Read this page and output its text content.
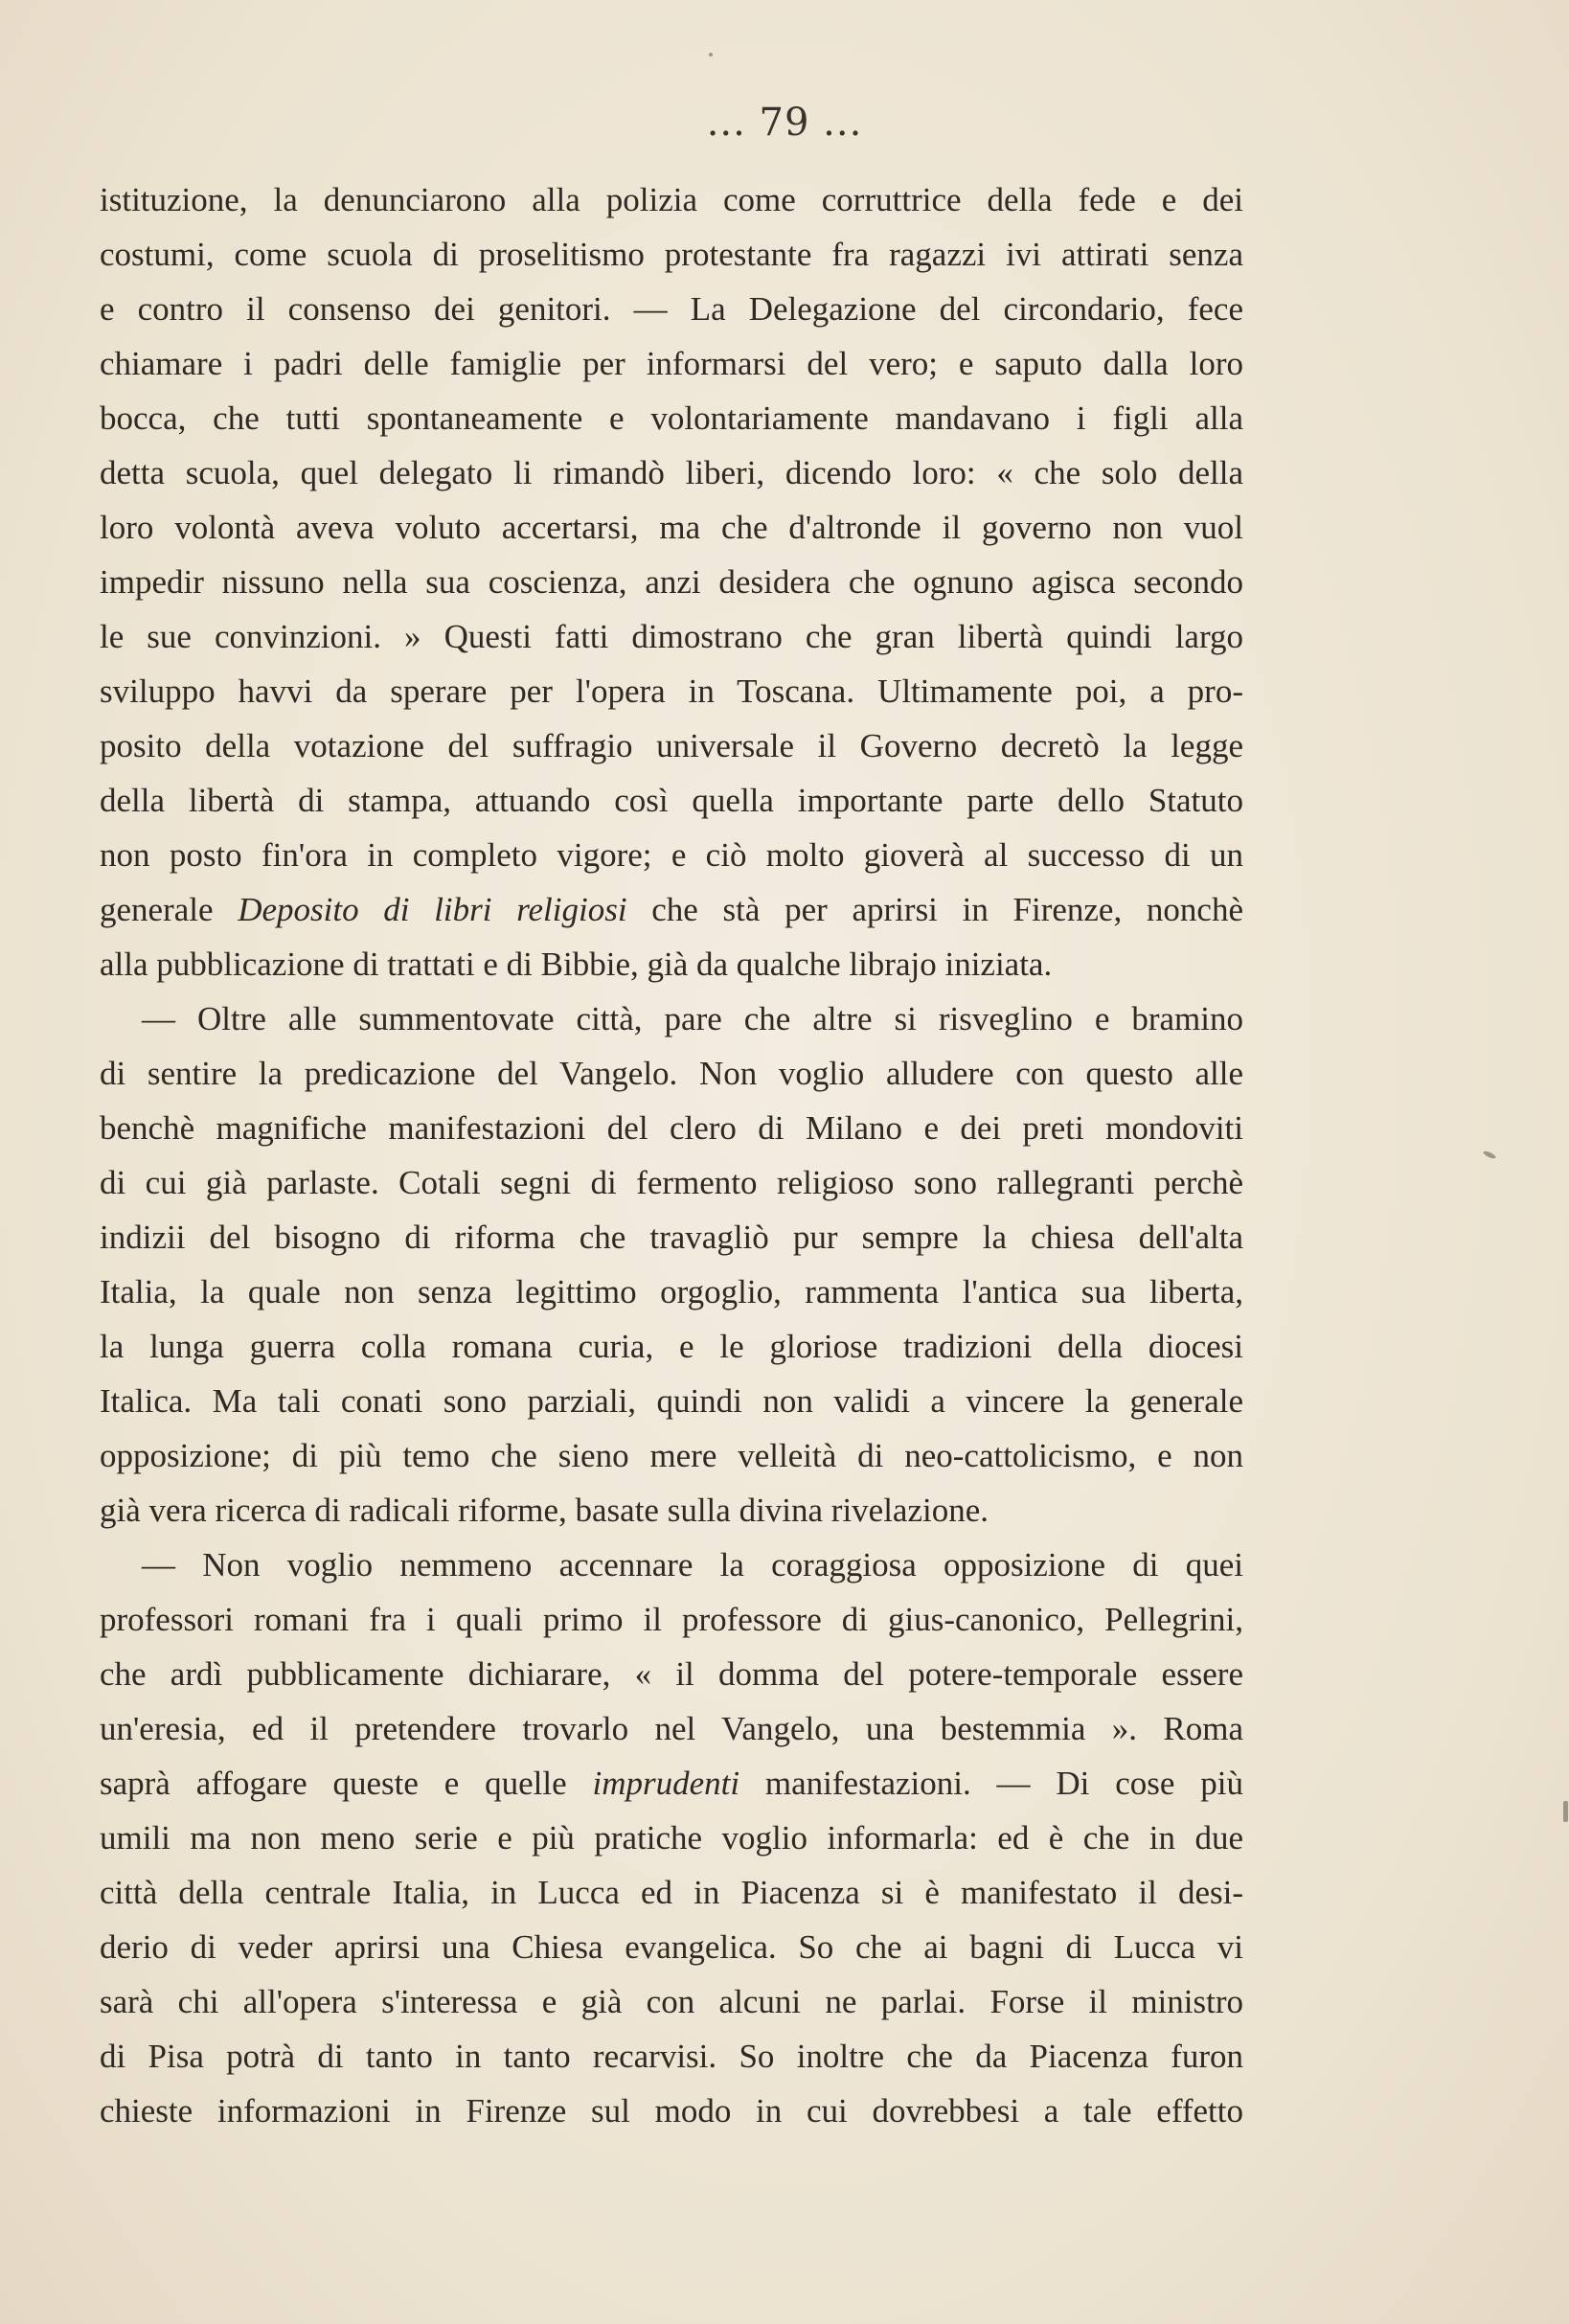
... 79 ...
istituzione, la denunciarono alla polizia come corruttrice della fede e dei
costumi, come scuola di proselitismo protestante fra ragazzi ivi attirati senza
e contro il consenso dei genitori. — La Delegazione del circondario, fece
chiamare i padri delle famiglie per informarsi del vero; e saputo dalla loro
bocca, che tutti spontaneamente e volontariamente mandavano i figli alla
detta scuola, quel delegato li rimandò liberi, dicendo loro: « che solo della
loro volontà aveva voluto accertarsi, ma che d'altronde il governo non vuol
impedir nissuno nella sua coscienza, anzi desidera che ognuno agisca secondo
le sue convinzioni. » Questi fatti dimostrano che gran libertà quindi largo
sviluppo havvi da sperare per l'opera in Toscana. Ultimamente poi, a pro-
posito della votazione del suffragio universale il Governo decretò la legge
della libertà di stampa, attuando così quella importante parte dello Statuto
non posto fin'ora in completo vigore; e ciò molto gioverà al successo di un
generale Deposito di libri religiosi che stà per aprirsi in Firenze, nonchè
alla pubblicazione di trattati e di Bibbie, già da qualche librajo iniziata.
— Oltre alle summentovate città, pare che altre si risveglino e bramino
di sentire la predicazione del Vangelo. Non voglio alludere con questo alle
benchè magnifiche manifestazioni del clero di Milano e dei preti mondoviti
di cui già parlaste. Cotali segni di fermento religioso sono rallegranti perchè
indizii del bisogno di riforma che travagliò pur sempre la chiesa dell'alta
Italia, la quale non senza legittimo orgoglio, rammenta l'antica sua liberta,
la lunga guerra colla romana curia, e le gloriose tradizioni della diocesi
Italica. Ma tali conati sono parziali, quindi non validi a vincere la generale
opposizione; di più temo che sieno mere velleità di neo-cattolicismo, e non
già vera ricerca di radicali riforme, basate sulla divina rivelazione.
— Non voglio nemmeno accennare la coraggiosa opposizione di quei
professori romani fra i quali primo il professore di gius-canonico, Pellegrini,
che ardì pubblicamente dichiarare, « il domma del potere-temporale essere
un'eresia, ed il pretendere trovarlo nel Vangelo, una bestemmia ». Roma
saprà affogare queste e quelle imprudenti manifestazioni. — Di cose più
umili ma non meno serie e più pratiche voglio informarla: ed è che in due
città della centrale Italia, in Lucca ed in Piacenza si è manifestato il desi-
derio di veder aprirsi una Chiesa evangelica. So che ai bagni di Lucca vi
sarà chi all'opera s'interessa e già con alcuni ne parlai. Forse il ministro
di Pisa potrà di tanto in tanto recarvisi. So inoltre che da Piacenza furon
chieste informazioni in Firenze sul modo in cui dovrebbesi a tale effetto
